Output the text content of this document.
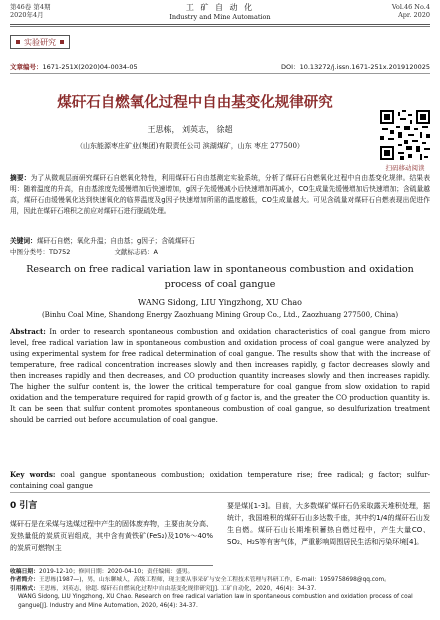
第46卷 第4期
2020年4月
工 矿 自 动 化
Industry and Mine Automation
Vol.46 No.4
Apr. 2020
实验研究
文章编号：1671-251X(2020)04-0034-05	DOI：10.13272/j.issn.1671-251x.2019120025
煤矸石自燃氧化过程中自由基变化规律研究
王思栋， 刘英志， 徐超
（山东能源枣庄矿业(集团)有限责任公司 滨湖煤矿，山东 枣庄 277500）
扫码移动阅读
摘要：为了从微观层面研究煤矸石自燃氧化特性，利用煤矸石自由基测定实验系统，分析了煤矸石自燃氧化过程中自由基变化规律。结果表明：随着温度的升高，自由基浓度先缓慢增加后快速增加，g因子先缓慢减小后快速增加再减小，CO生成量先缓慢增加后快速增加；含硫量越高，煤矸石由缓慢氧化达到快速氧化的临界温度及g因子快速增加所需的温度越低，CO生成量越大。可见含硫量对煤矸石自燃表现出促进作用，因此在煤矸石堆积之前应对煤矸石进行脱硫处理。
关键词：煤矸石自燃；氧化升温；自由基；g因子；含硫煤矸石
中图分类号：TD752	文献标志码：A
Research on free radical variation law in spontaneous combustion and oxidation process of coal gangue
WANG Sidong, LIU Yingzhong, XU Chao
(Binhu Coal Mine, Shandong Energy Zaozhuang Mining Group Co., Ltd., Zaozhuang 277500, China)
Abstract: In order to research spontaneous combustion and oxidation characteristics of coal gangue from micro level, free radical variation law in spontaneous combustion and oxidation process of coal gangue were analyzed by using experimental system for free radical determination of coal gangue. The results show that with the increase of temperature, free radical concentration increases slowly and then increases rapidly, g factor decreases slowly and then increases rapidly and then decreases, and CO production quantity increases slowly and then increases rapidly. The higher the sulfur content is, the lower the critical temperature for coal gangue from slow oxidation to rapid oxidation and the temperature required for rapid growth of g factor is, and the greater the CO production quantity is. It can be seen that sulfur content promotes spontaneous combustion of coal gangue, so desulfurization treatment should be carried out before accumulation of coal gangue.
Key words: coal gangue spontaneous combustion; oxidation temperature rise; free radical; g factor; sulfur-containing coal gangue
0 引言

煤矸石是在采煤与选煤过程中产生的固体废弃物，主要由灰分高、发热量低的炭质页岩组成，其中含有黄铁矿(FeS₂)及10%～40%的炭质可燃物(主

要是煤)[1-3]。目前，大多数煤矿煤矸石仍采取露天堆积处理，据统计，我国堆积的煤矸石山多达数千座，其中约1/4的煤矸石山发生自燃。煤矸石山长期堆积蓄热自燃过程中，产生大量CO、SO₂、H₂S等有害气体，严重影响周围居民生活和污染环境[4]。

收稿日期：2019-12-10；修回日期：2020-04-10；责任编辑：盛男。
作者简介：王思栋(1987—)，男，山东聊城人，高级工程师，现主要从事采矿与安全工程技术管理与科研工作，E-mail：1959758698@qq.com。
引用格式：王思栋，刘英志，徐超. 煤矸石自燃氧化过程中自由基变化规律研究[J]. 工矿自动化，2020，46(4)：34-37.
WANG Sidong, LIU Yingzhong, XU Chao. Research on free radical variation law in spontaneous combustion and oxidation process of coal gangue[J]. Industry and Mine Automation, 2020, 46(4): 34-37.
